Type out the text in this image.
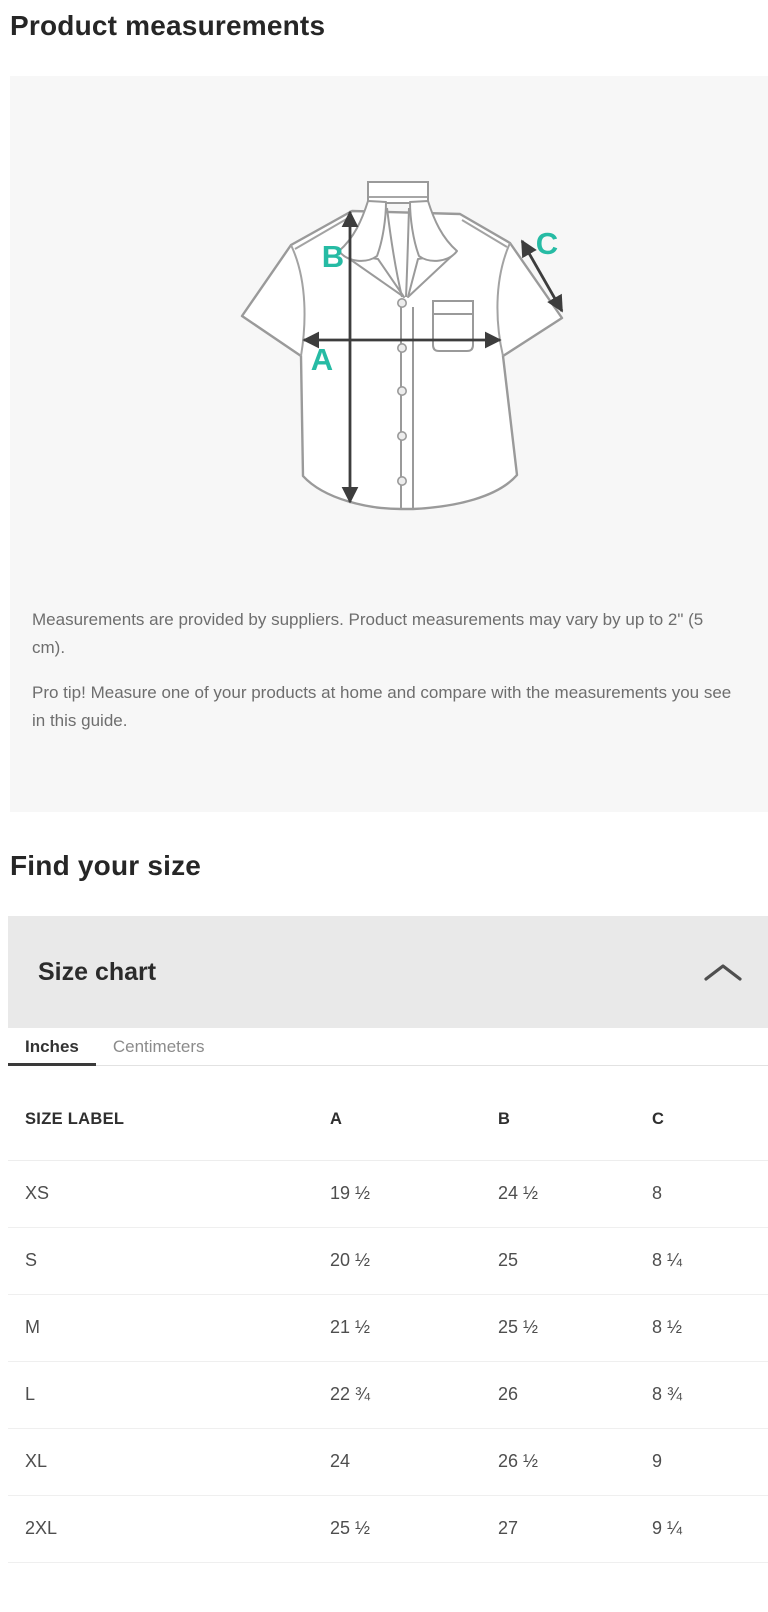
Product measurements
B
A
C

Measurements are provided by suppliers. Product measurements may vary by up to 2" (5 cm).

Pro tip! Measure one of your products at home and compare with the measurements you see in this guide.

Find your size
Size chart
Inches	Centimeters
SIZE LABEL	A	B	C
XS	19 ½	24 ½	8
S	20 ½	25	8 ¼
M	21 ½	25 ½	8 ½
L	22 ¾	26	8 ¾
XL	24	26 ½	9
2XL	25 ½	27	9 ¼
